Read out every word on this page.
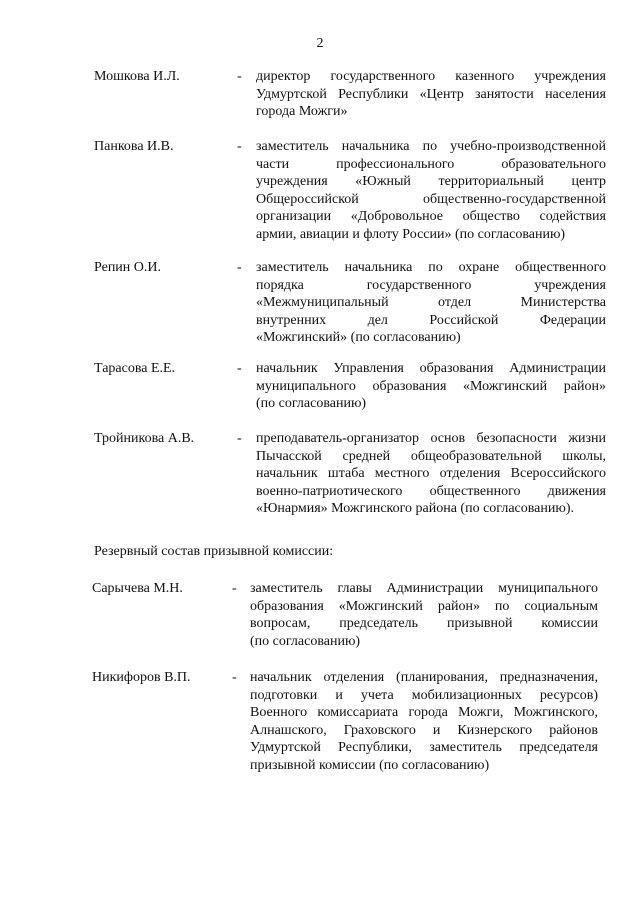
2
Мошкова И.Л.	- директор государственного казенного учреждения
Удмуртской Республики «Центр занятости населения
города Можги»
Панкова И.В.	- заместитель начальника по учебно-производственной
части профессионального образовательного
учреждения «Южный территориальный центр
Общероссийской общественно-государственной
организации «Добровольное общество содействия
армии, авиации и флоту России» (по согласованию)
Репин О.И.	- заместитель начальника по охране общественного
порядка государственного учреждения
«Межмуниципальный отдел Министерства
внутренних дел Российской Федерации
«Можгинский» (по согласованию)
Тарасова Е.Е.	- начальник Управления образования Администрации
муниципального образования «Можгинский район»
(по согласованию)
Тройникова А.В.	- преподаватель-организатор основ безопасности жизни
Пычасской средней общеобразовательной школы,
начальник штаба местного отделения Всероссийского
военно-патриотического общественного движения
«Юнармия» Можгинского района (по согласованию).
Резервный состав призывной комиссии:
Сарычева М.Н.	- заместитель главы Администрации муниципального
образования «Можгинский район» по социальным
вопросам, председатель призывной комиссии
(по согласованию)
Никифоров В.П.	- начальник отделения (планирования, предназначения,
подготовки и учета мобилизационных ресурсов)
Военного комиссариата города Можги, Можгинского,
Алнашского, Граховского и Кизнерского районов
Удмуртской Республики, заместитель председателя
призывной комиссии (по согласованию)
